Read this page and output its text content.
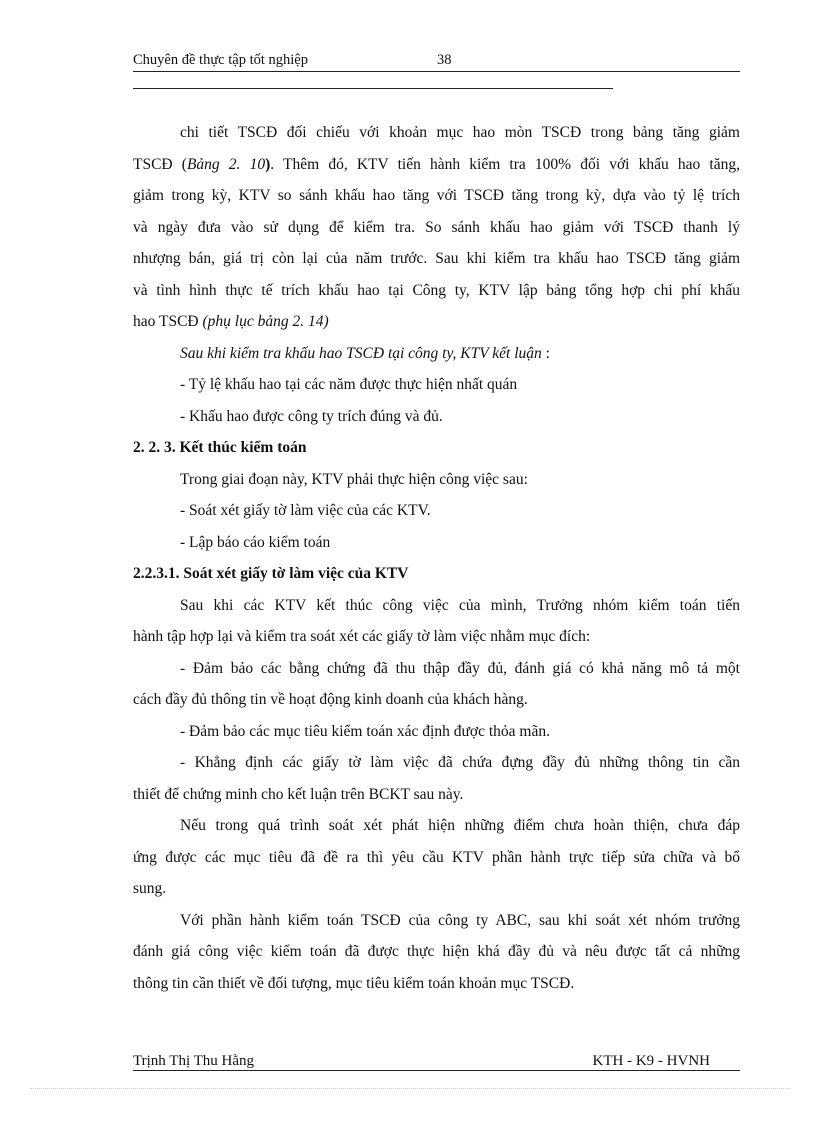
Chuyên đề thực tập tốt nghiệp	38
chi tiết TSCĐ đối chiếu với khoản mục hao mòn TSCĐ trong bảng tăng giảm
TSCĐ (Bảng 2. 10). Thêm đó, KTV tiến hành kiểm tra 100% đối với khấu hao tăng,
giảm trong kỳ, KTV so sánh khấu hao tăng với TSCĐ tăng trong kỳ, dựa vào tỷ lệ trích
và ngày đưa vào sử dụng để kiểm tra. So sánh khấu hao giảm với TSCĐ thanh lý
nhượng bán, giá trị còn lại của năm trước. Sau khi kiểm tra khấu hao TSCĐ tăng giảm
và tình hình thực tế trích khấu hao tại Công ty, KTV lập bảng tổng hợp chi phí khấu
hao TSCĐ (phụ lục bảng 2. 14)
Sau khi kiểm tra khấu hao TSCĐ tại công ty, KTV kết luận :
- Tỷ lệ khấu hao tại các năm được thực hiện nhất quán
- Khấu hao được công ty trích đúng và đủ.
2. 2. 3. Kết thúc kiểm toán
Trong giai đoạn này, KTV phải thực hiện công việc sau:
- Soát xét giấy tờ làm việc của các KTV.
- Lập báo cáo kiểm toán
2.2.3.1. Soát xét giấy tờ làm việc của KTV
Sau khi các KTV kết thúc công việc của mình, Trưởng nhóm kiểm toán tiến
hành tập hợp lại và kiểm tra soát xét các giấy tờ làm việc nhằm mục đích:
- Đảm bảo các bằng chứng đã thu thập đầy đủ, đánh giá có khả năng mô tả một
cách đầy đủ thông tin về hoạt động kinh doanh của khách hàng.
- Đảm bảo các mục tiêu kiểm toán xác định được thỏa mãn.
- Khẳng định các giấy tờ làm việc đã chứa đựng đầy đủ những thông tin cần
thiết để chứng minh cho kết luận trên BCKT sau này.
Nếu trong quá trình soát xét phát hiện những điểm chưa hoàn thiện, chưa đáp
ứng được các mục tiêu đã đề ra thì yêu cầu KTV phần hành trực tiếp sửa chữa và bổ
sung.
Với phần hành kiểm toán TSCĐ của công ty ABC, sau khi soát xét nhóm trưởng
đánh giá công việc kiểm toán đã được thực hiện khá đầy đủ và nêu được tất cả những
thông tin cần thiết về đối tượng, mục tiêu kiểm toán khoản mục TSCĐ.
Trịnh Thị Thu Hằng	KTH - K9 - HVNH
